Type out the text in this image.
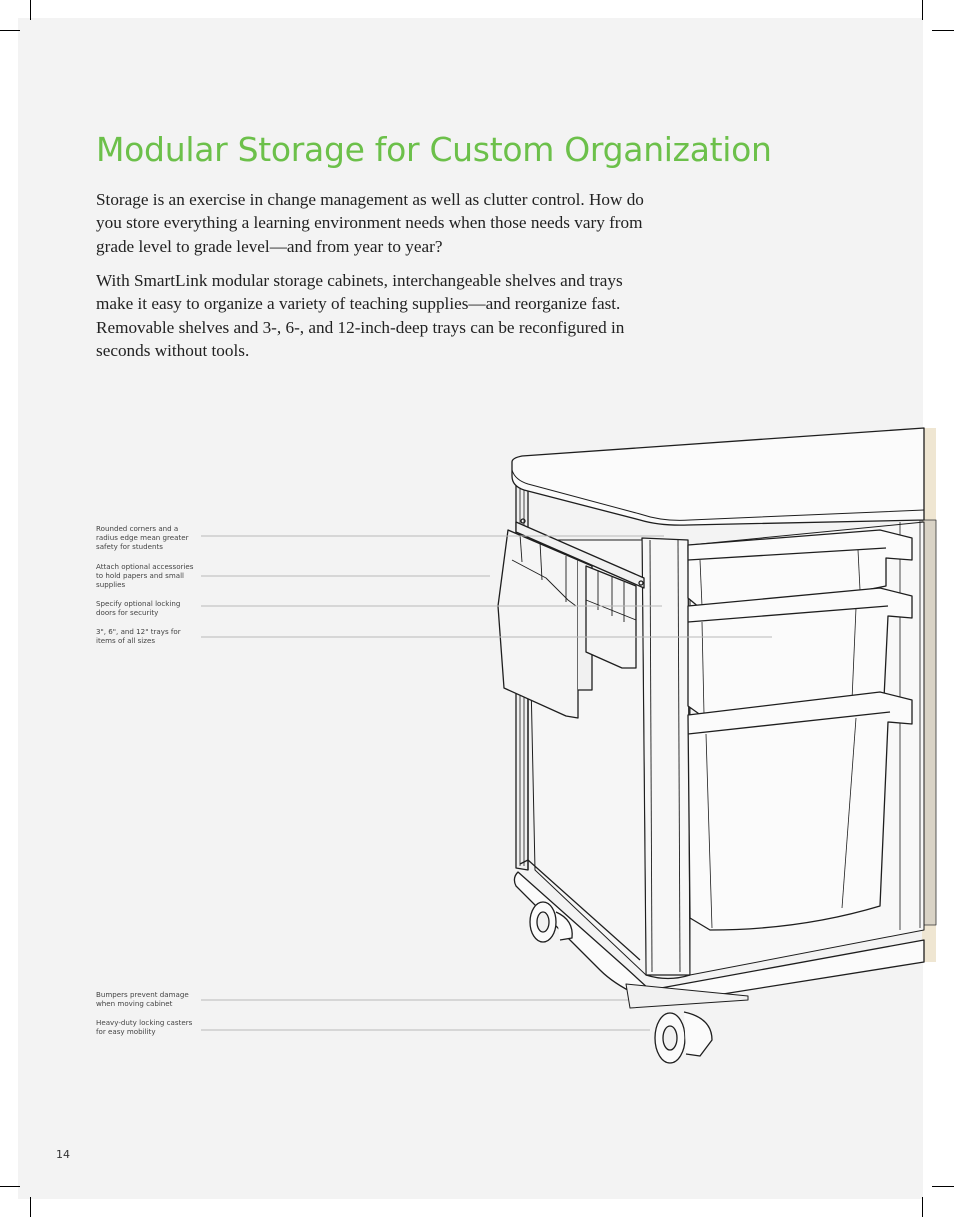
Modular Storage for Custom Organization

Storage is an exercise in change management as well as clutter control. How do you store everything a learning environment needs when those needs vary from grade level to grade level—and from year to year?

With SmartLink modular storage cabinets, interchangeable shelves and trays make it easy to organize a variety of teaching supplies—and reorganize fast. Removable shelves and 3-, 6-, and 12-inch-deep trays can be reconfigured in seconds without tools.

Rounded corners and a radius edge mean greater safety for students
Attach optional accessories to hold papers and small supplies
Specify optional locking doors for security
3", 6", and 12" trays for items of all sizes
Bumpers prevent damage when moving cabinet
Heavy-duty locking casters for easy mobility
14
